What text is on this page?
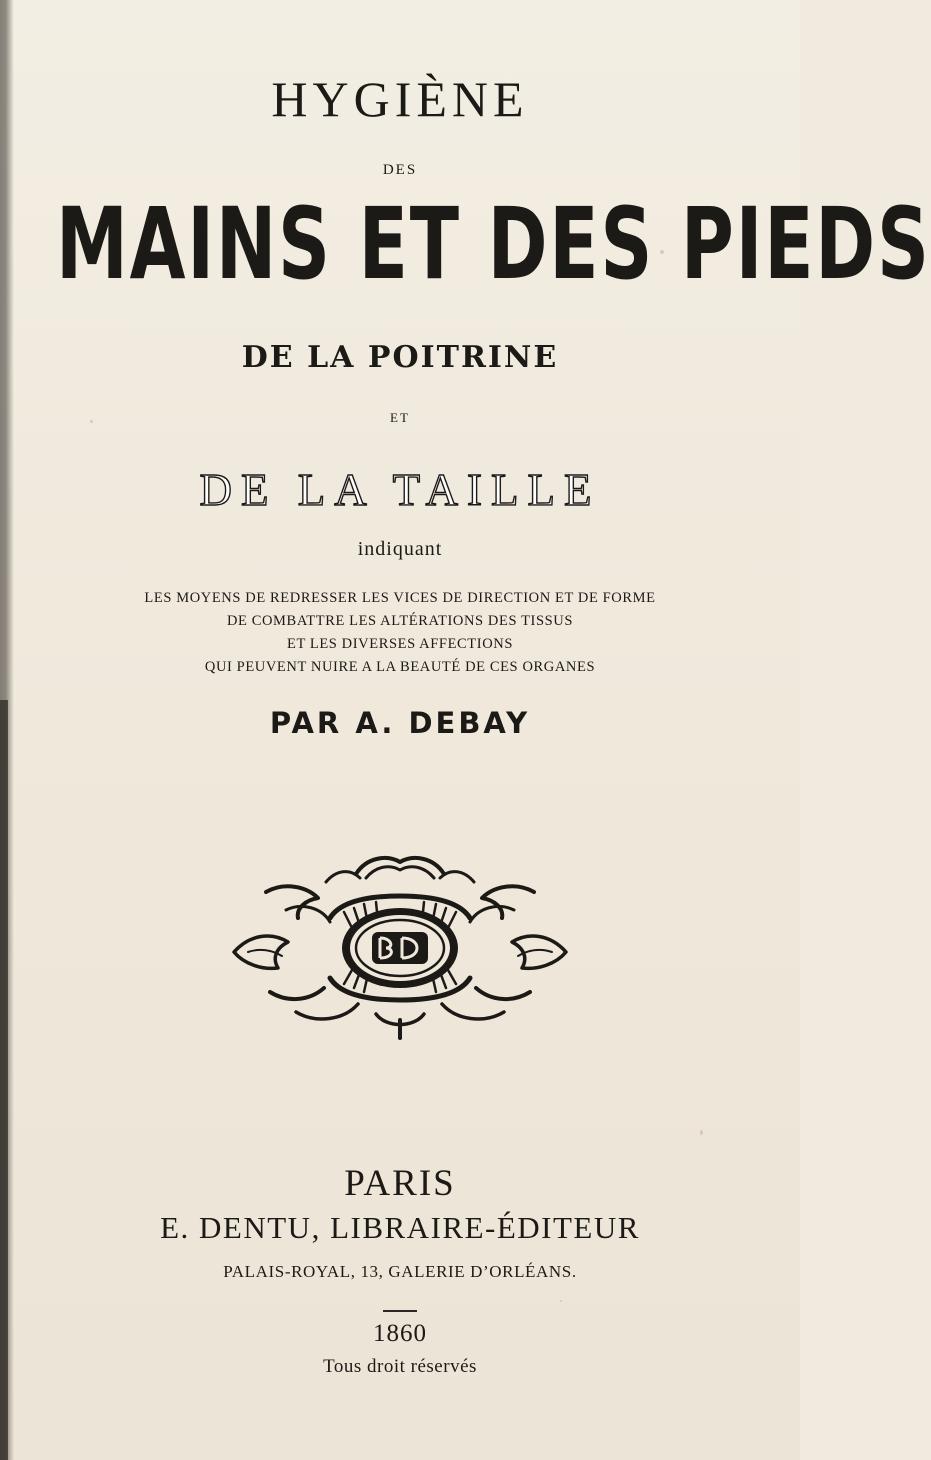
HYGIÈNE
DES
MAINS ET DES PIEDS
DE LA POITRINE
ET
DE LA TAILLE
indiquant
LES MOYENS DE REDRESSER LES VICES DE DIRECTION ET DE FORME
DE COMBATTRE LES ALTÉRATIONS DES TISSUS
ET LES DIVERSES AFFECTIONS
QUI PEUVENT NUIRE A LA BEAUTÉ DE CES ORGANES
PAR A. DEBAY
PARIS
E. DENTU, LIBRAIRE-ÉDITEUR
PALAIS-ROYAL, 13, GALERIE D’ORLÉANS.
1860
Tous droit réservés
